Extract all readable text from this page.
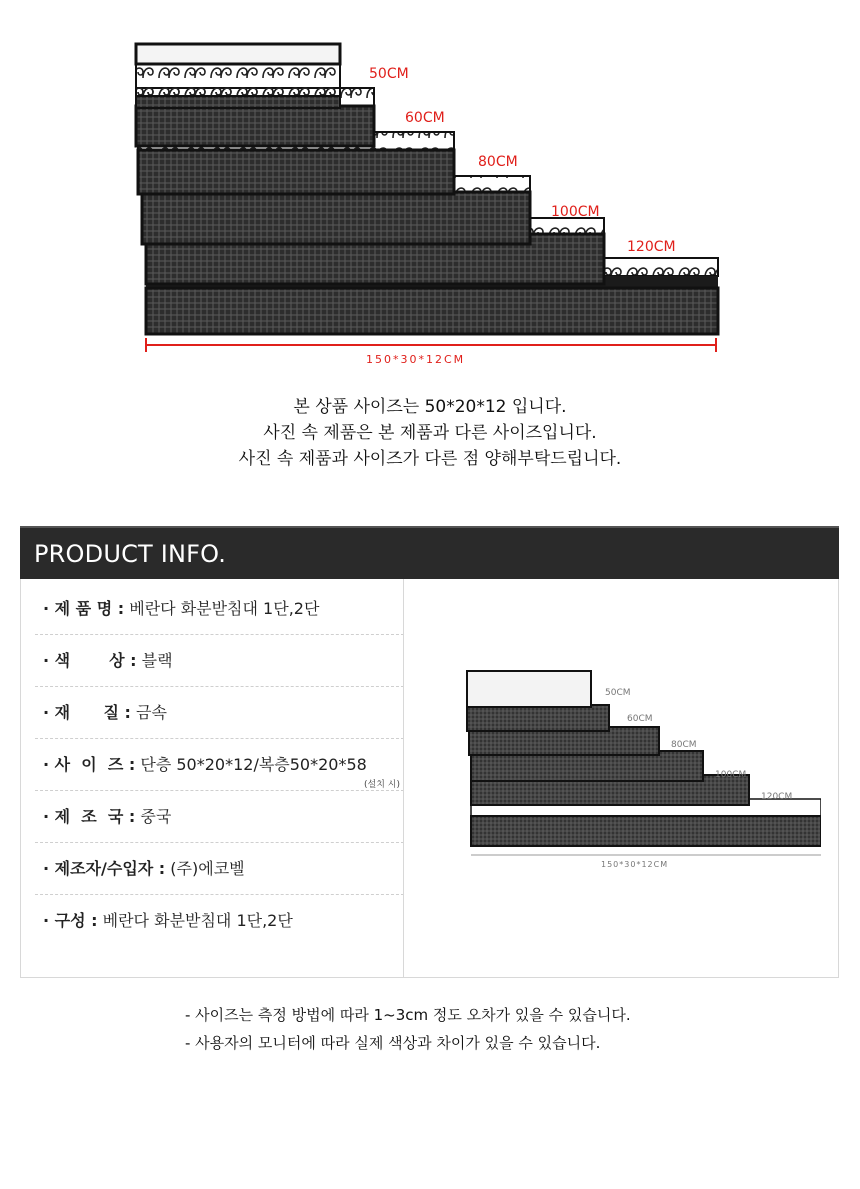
50CM
60CM
80CM
100CM
120CM
150*30*12CM
본 상품 사이즈는 50*20*12 입니다.
사진 속 제품은 본 제품과 다른 사이즈입니다.
사진 속 제품과 사이즈가 다른 점 양해부탁드립니다.
PRODUCT INFO.
· 제 품 명 : 베란다 화분받침대 1단,2단
· 색       상 : 블랙
· 재      질 : 금속
· 사  이  즈 : 단층 50*20*12/복층50*20*58
(설치 시)
· 제  조  국 : 중국
· 제조자/수입자 : (주)에코벨
· 구성 : 베란다 화분받침대 1단,2단
50CM
60CM
80CM
100CM
120CM
150*30*12CM
- 사이즈는 측정 방법에 따라 1~3cm 정도 오차가 있을 수 있습니다.
- 사용자의 모니터에 따라 실제 색상과 차이가 있을 수 있습니다.
